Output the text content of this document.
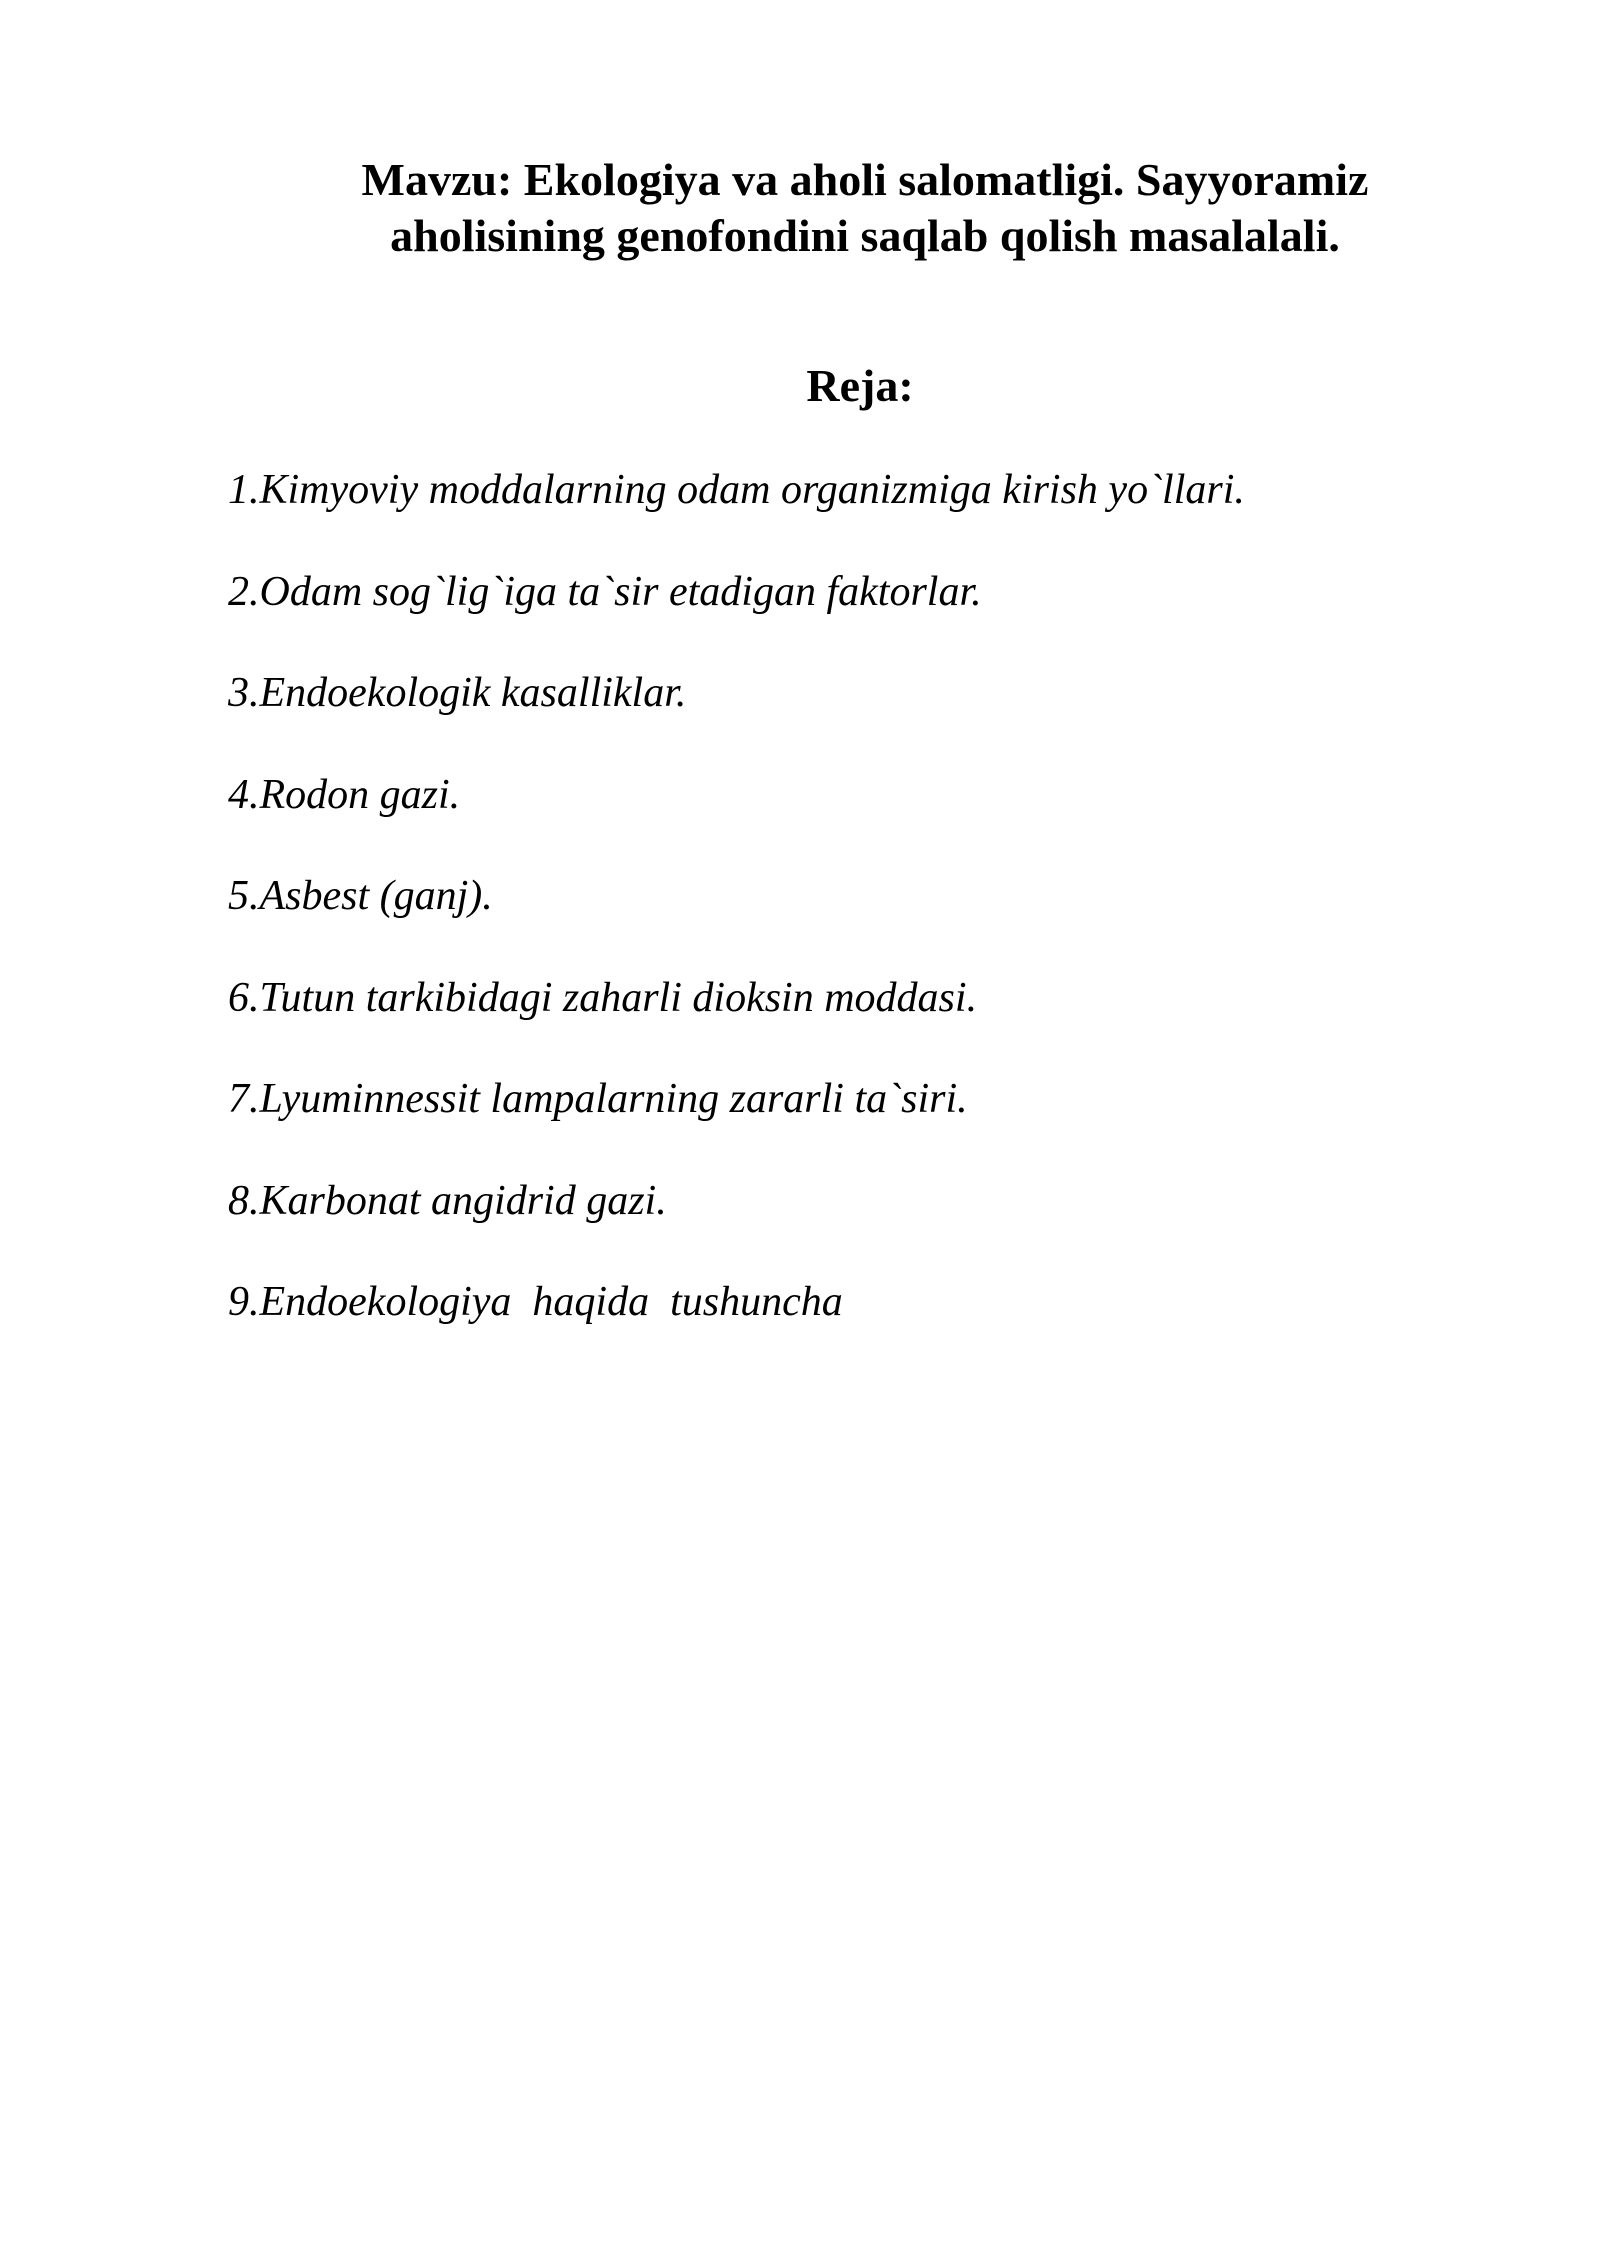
Mavzu: Ekologiya va aholi salomatligi. Sayyoramiz
aholisining genofondini saqlab qolish masalalali.
Reja:
1.Kimyoviy moddalarning odam organizmiga kirish yo`llari.
2.Odam sog`lig`iga ta`sir etadigan faktorlar.
3.Endoekologik kasalliklar.
4.Rodon gazi.
5.Asbest (ganj).
6.Tutun tarkibidagi zaharli dioksin moddasi.
7.Lyuminnessit lampalarning zararli ta`siri.
8.Karbonat angidrid gazi.
9.Endoekologiya  haqida  tushuncha
